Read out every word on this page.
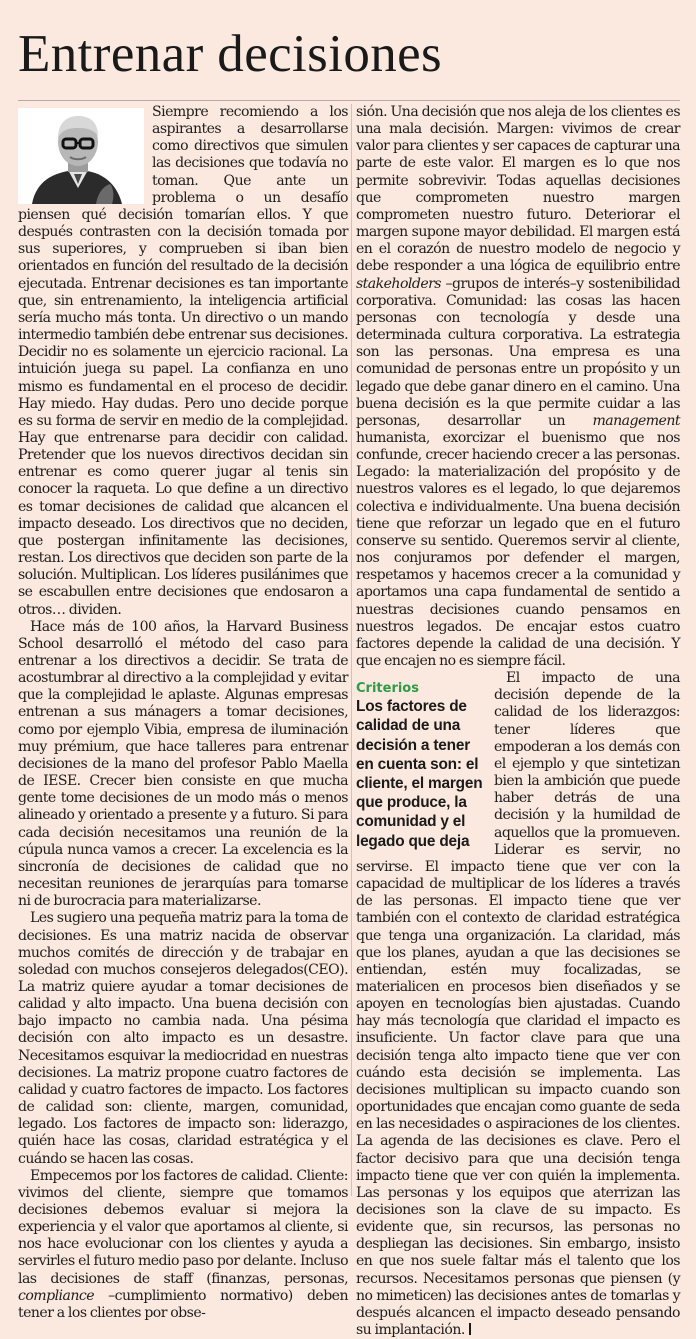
Entrenar decisiones

Siempre recomiendo a los aspirantes a desarrollarse como directivos que simulen las decisiones que todavía no toman. Que ante un problema o un desafío piensen qué decisión tomarían ellos. Y que después contrasten con la decisión tomada por sus superiores, y comprueben si iban bien orientados en función del resultado de la decisión ejecutada. Entrenar decisiones es tan importante que, sin entrenamiento, la inteligencia artificial sería mucho más tonta. Un directivo o un mando intermedio también debe entrenar sus decisiones. Decidir no es solamente un ejercicio racional. La intuición juega su papel. La confianza en uno mismo es fundamental en el proceso de decidir. Hay miedo. Hay dudas. Pero uno decide porque es su forma de servir en medio de la complejidad. Hay que entrenarse para decidir con calidad. Pretender que los nuevos directivos decidan sin entrenar es como querer jugar al tenis sin conocer la raqueta. Lo que define a un directivo es tomar decisiones de calidad que alcancen el impacto deseado. Los directivos que no deciden, que postergan infinitamente las decisiones, restan. Los directivos que deciden son parte de la solución. Multiplican. Los líderes pusilánimes que se escabullen entre decisiones que endosaron a otros… dividen.

Hace más de 100 años, la Harvard Business School desarrolló el método del caso para entrenar a los directivos a decidir. Se trata de acostumbrar al directivo a la complejidad y evitar que la complejidad le aplaste. Algunas empresas entrenan a sus mánagers a tomar decisiones, como por ejemplo Vibia, empresa de iluminación muy prémium, que hace talleres para entrenar decisiones de la mano del profesor Pablo Maella de IESE. Crecer bien consiste en que mucha gente tome decisiones de un modo más o menos alineado y orientado a presente y a futuro. Si para cada decisión necesitamos una reunión de la cúpula nunca vamos a crecer. La excelencia es la sincronía de decisiones de calidad que no necesitan reuniones de jerarquías para tomarse ni de burocracia para materializarse.

Les sugiero una pequeña matriz para la toma de decisiones. Es una matriz nacida de observar muchos comités de dirección y de trabajar en soledad con muchos consejeros delegados(CEO). La matriz quiere ayudar a tomar decisiones de calidad y alto impacto. Una buena decisión con bajo impacto no cambia nada. Una pésima decisión con alto impacto es un desastre. Necesitamos esquivar la mediocridad en nuestras decisiones. La matriz propone cuatro factores de calidad y cuatro factores de impacto. Los factores de calidad son: cliente, margen, comunidad, legado. Los factores de impacto son: liderazgo, quién hace las cosas, claridad estratégica y el cuándo se hacen las cosas.

Empecemos por los factores de calidad. Cliente: vivimos del cliente, siempre que tomamos decisiones debemos evaluar si mejora la experiencia y el valor que aportamos al cliente, si nos hace evolucionar con los clientes y ayuda a servirles el futuro medio paso por delante. Incluso las decisiones de staff (finanzas, personas, compliance –cumplimiento normativo) deben tener a los clientes por obse-

sión. Una decisión que nos aleja de los clientes es una mala decisión. Margen: vivimos de crear valor para clientes y ser capaces de capturar una parte de este valor. El margen es lo que nos permite sobrevivir. Todas aquellas decisiones que comprometen nuestro margen comprometen nuestro futuro. Deteriorar el margen supone mayor debilidad. El margen está en el corazón de nuestro modelo de negocio y debe responder a una lógica de equilibrio entre stakeholders –grupos de interés–y sostenibilidad corporativa. Comunidad: las cosas las hacen personas con tecnología y desde una determinada cultura corporativa. La estrategia son las personas. Una empresa es una comunidad de personas entre un propósito y un legado que debe ganar dinero en el camino. Una buena decisión es la que permite cuidar a las personas, desarrollar un management humanista, exorcizar el buenismo que nos confunde, crecer haciendo crecer a las personas. Legado: la materialización del propósito y de nuestros valores es el legado, lo que dejaremos colectiva e individualmente. Una buena decisión tiene que reforzar un legado que en el futuro conserve su sentido. Queremos servir al cliente, nos conjuramos por defender el margen, respetamos y hacemos crecer a la comunidad y aportamos una capa fundamental de sentido a nuestras decisiones cuando pensamos en nuestros legados. De encajar estos cuatro factores depende la calidad de una decisión. Y que encajen no es siempre fácil.
Criterios
Los factores de calidad de una decisión a tener en cuenta son: el cliente, el margen que produce, la comunidad y el legado que deja

El impacto de una decisión depende de la calidad de los liderazgos: tener líderes que empoderan a los demás con el ejemplo y que sintetizan bien la ambición que puede haber detrás de una decisión y la humildad de aquellos que la promueven. Liderar es servir, no servirse. El impacto tiene que ver con la capacidad de multiplicar de los líderes a través de las personas. El impacto tiene que ver también con el contexto de claridad estratégica que tenga una organización. La claridad, más que los planes, ayudan a que las decisiones se entiendan, estén muy focalizadas, se materialicen en procesos bien diseñados y se apoyen en tecnologías bien ajustadas. Cuando hay más tecnología que claridad el impacto es insuficiente. Un factor clave para que una decisión tenga alto impacto tiene que ver con cuándo esta decisión se implementa. Las decisiones multiplican su impacto cuando son oportunidades que encajan como guante de seda en las necesidades o aspiraciones de los clientes. La agenda de las decisiones es clave. Pero el factor decisivo para que una decisión tenga impacto tiene que ver con quién la implementa. Las personas y los equipos que aterrizan las decisiones son la clave de su impacto. Es evidente que, sin recursos, las personas no despliegan las decisiones. Sin embargo, insisto en que nos suele faltar más el talento que los recursos. Necesitamos personas que piensen (y no mimeticen) las decisiones antes de tomarlas y después alcancen el impacto deseado pensando su implantación.
